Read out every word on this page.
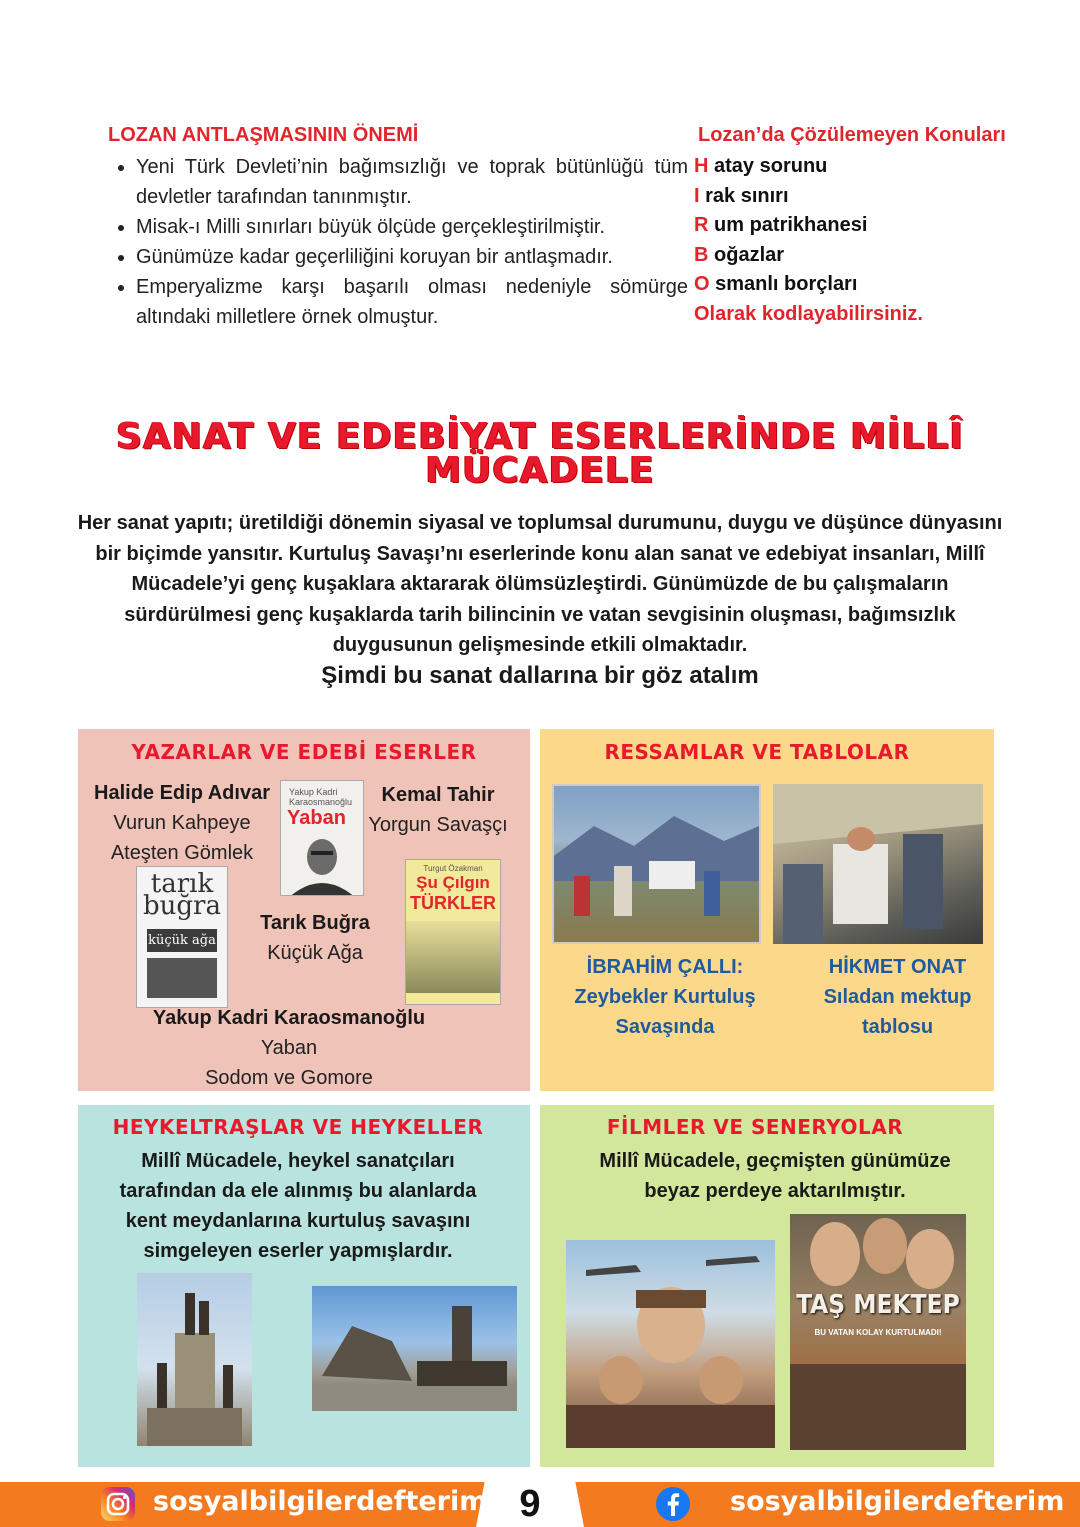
LOZAN ANTLAŞMASININ ÖNEMİ
• Yeni Türk Devleti’nin bağımsızlığı ve toprak bütünlüğü tüm devletler tarafından tanınmıştır.
• Misak-ı Milli sınırları büyük ölçüde gerçekleştirilmiştir.
• Günümüze kadar geçerliliğini koruyan bir antlaşmadır.
• Emperyalizme karşı başarılı olması nedeniyle sömürge altındaki milletlere örnek olmuştur.
Lozan’da Çözülemeyen Konuları
H atay sorunu
I rak sınırı
R um patrikhanesi
B oğazlar
O smanlı borçları
Olarak kodlayabilirsiniz.
SANAT VE EDEBİYAT ESERLERİNDE MİLLÎ
MÜCADELE
Her sanat yapıtı; üretildiği dönemin siyasal ve toplumsal durumunu, duygu ve düşünce dünyasını bir biçimde yansıtır. Kurtuluş Savaşı’nı eserlerinde konu alan sanat ve edebiyat insanları, Millî Mücadele’yi genç kuşaklara aktararak ölümsüzleştirdi. Günümüzde de bu çalışmaların sürdürülmesi genç kuşaklarda tarih bilincinin ve vatan sevgisinin oluşması, bağımsızlık duygusunun gelişmesinde etkili olmaktadır.
Şimdi bu sanat dallarına bir göz atalım
YAZARLAR VE EDEBİ ESERLER
Halide Edip Adıvar
Vurun Kahpeye
Ateşten Gömlek
Yakup Kadri Karaosmanoğlu
Yaban
Kemal Tahir
Yorgun Savaşçı
tarık buğra
küçük ağa
Tarık Buğra
Küçük Ağa
Turgut Özakman
Şu Çılgın
TÜRKLER
Yakup Kadri Karaosmanoğlu
Yaban
Sodom ve Gomore
RESSAMLAR VE TABLOLAR
İBRAHİM ÇALLI:
Zeybekler Kurtuluş
Savaşında
HİKMET ONAT
Sıladan mektup
tablosu
HEYKELTRAŞLAR VE HEYKELLER
Millî Mücadele, heykel sanatçıları
tarafından da ele alınmış bu alanlarda
kent meydanlarına kurtuluş savaşını
simgeleyen eserler yapmışlardır.
FİLMLER VE SENERYOLAR
Millî Mücadele, geçmişten günümüze
beyaz perdeye aktarılmıştır.
TAŞ MEKTEP
BU VATAN KOLAY KURTULMADI!
sosyalbilgilerdefterim 9	sosyalbilgilerdefterim
